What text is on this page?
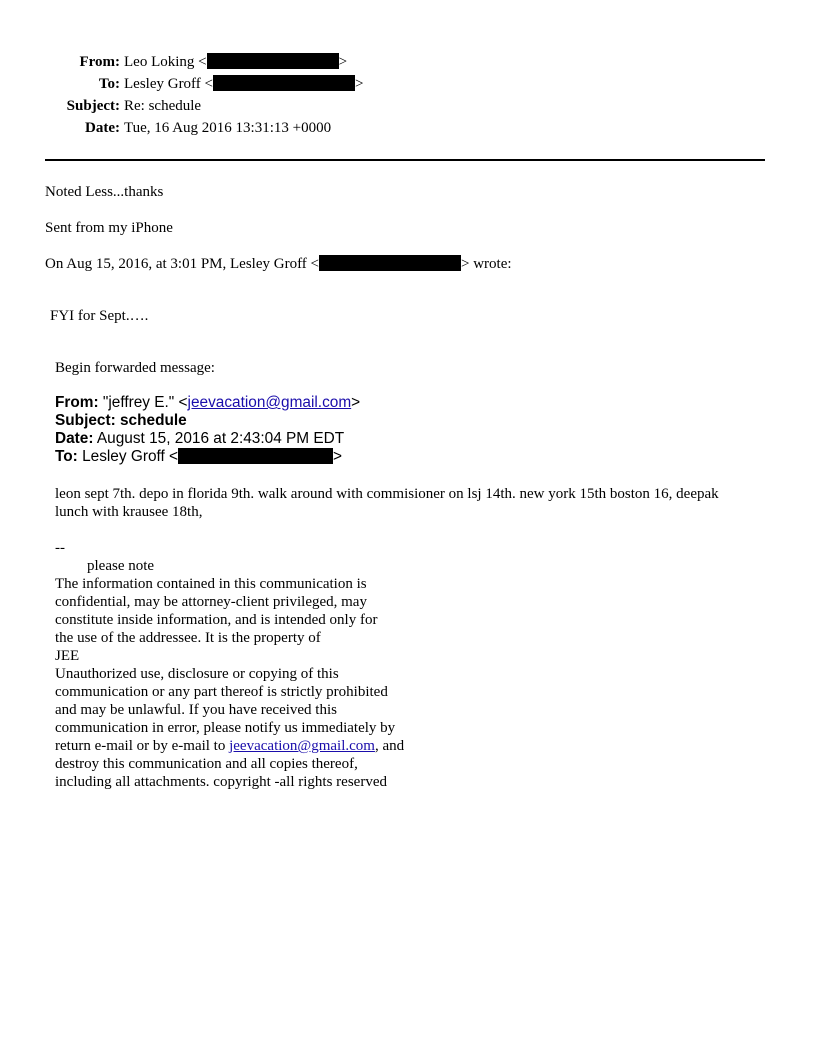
From: Leo Loking <	>
To: Lesley Groff <	>
Subject: Re: schedule
Date: Tue, 16 Aug 2016 13:31:13 +0000
Noted Less...thanks
Sent from my iPhone
On Aug 15, 2016, at 3:01 PM, Lesley Groff <	> wrote:
FYI for Sept.….
Begin forwarded message:
From: "jeffrey E." <jeevacation@gmail.com>
Subject: schedule
Date: August 15, 2016 at 2:43:04 PM EDT
To: Lesley Groff <	>
leon sept 7th. depo in florida 9th. walk around with commisioner on lsj 14th. new york 15th boston 16, deepak lunch with krausee 18th,
--
please note
The information contained in this communication is
confidential, may be attorney-client privileged, may
constitute inside information, and is intended only for
the use of the addressee. It is the property of
JEE
Unauthorized use, disclosure or copying of this
communication or any part thereof is strictly prohibited
and may be unlawful. If you have received this
communication in error, please notify us immediately by
return e-mail or by e-mail to jeevacation@gmail.com, and
destroy this communication and all copies thereof,
including all attachments. copyright -all rights reserved
